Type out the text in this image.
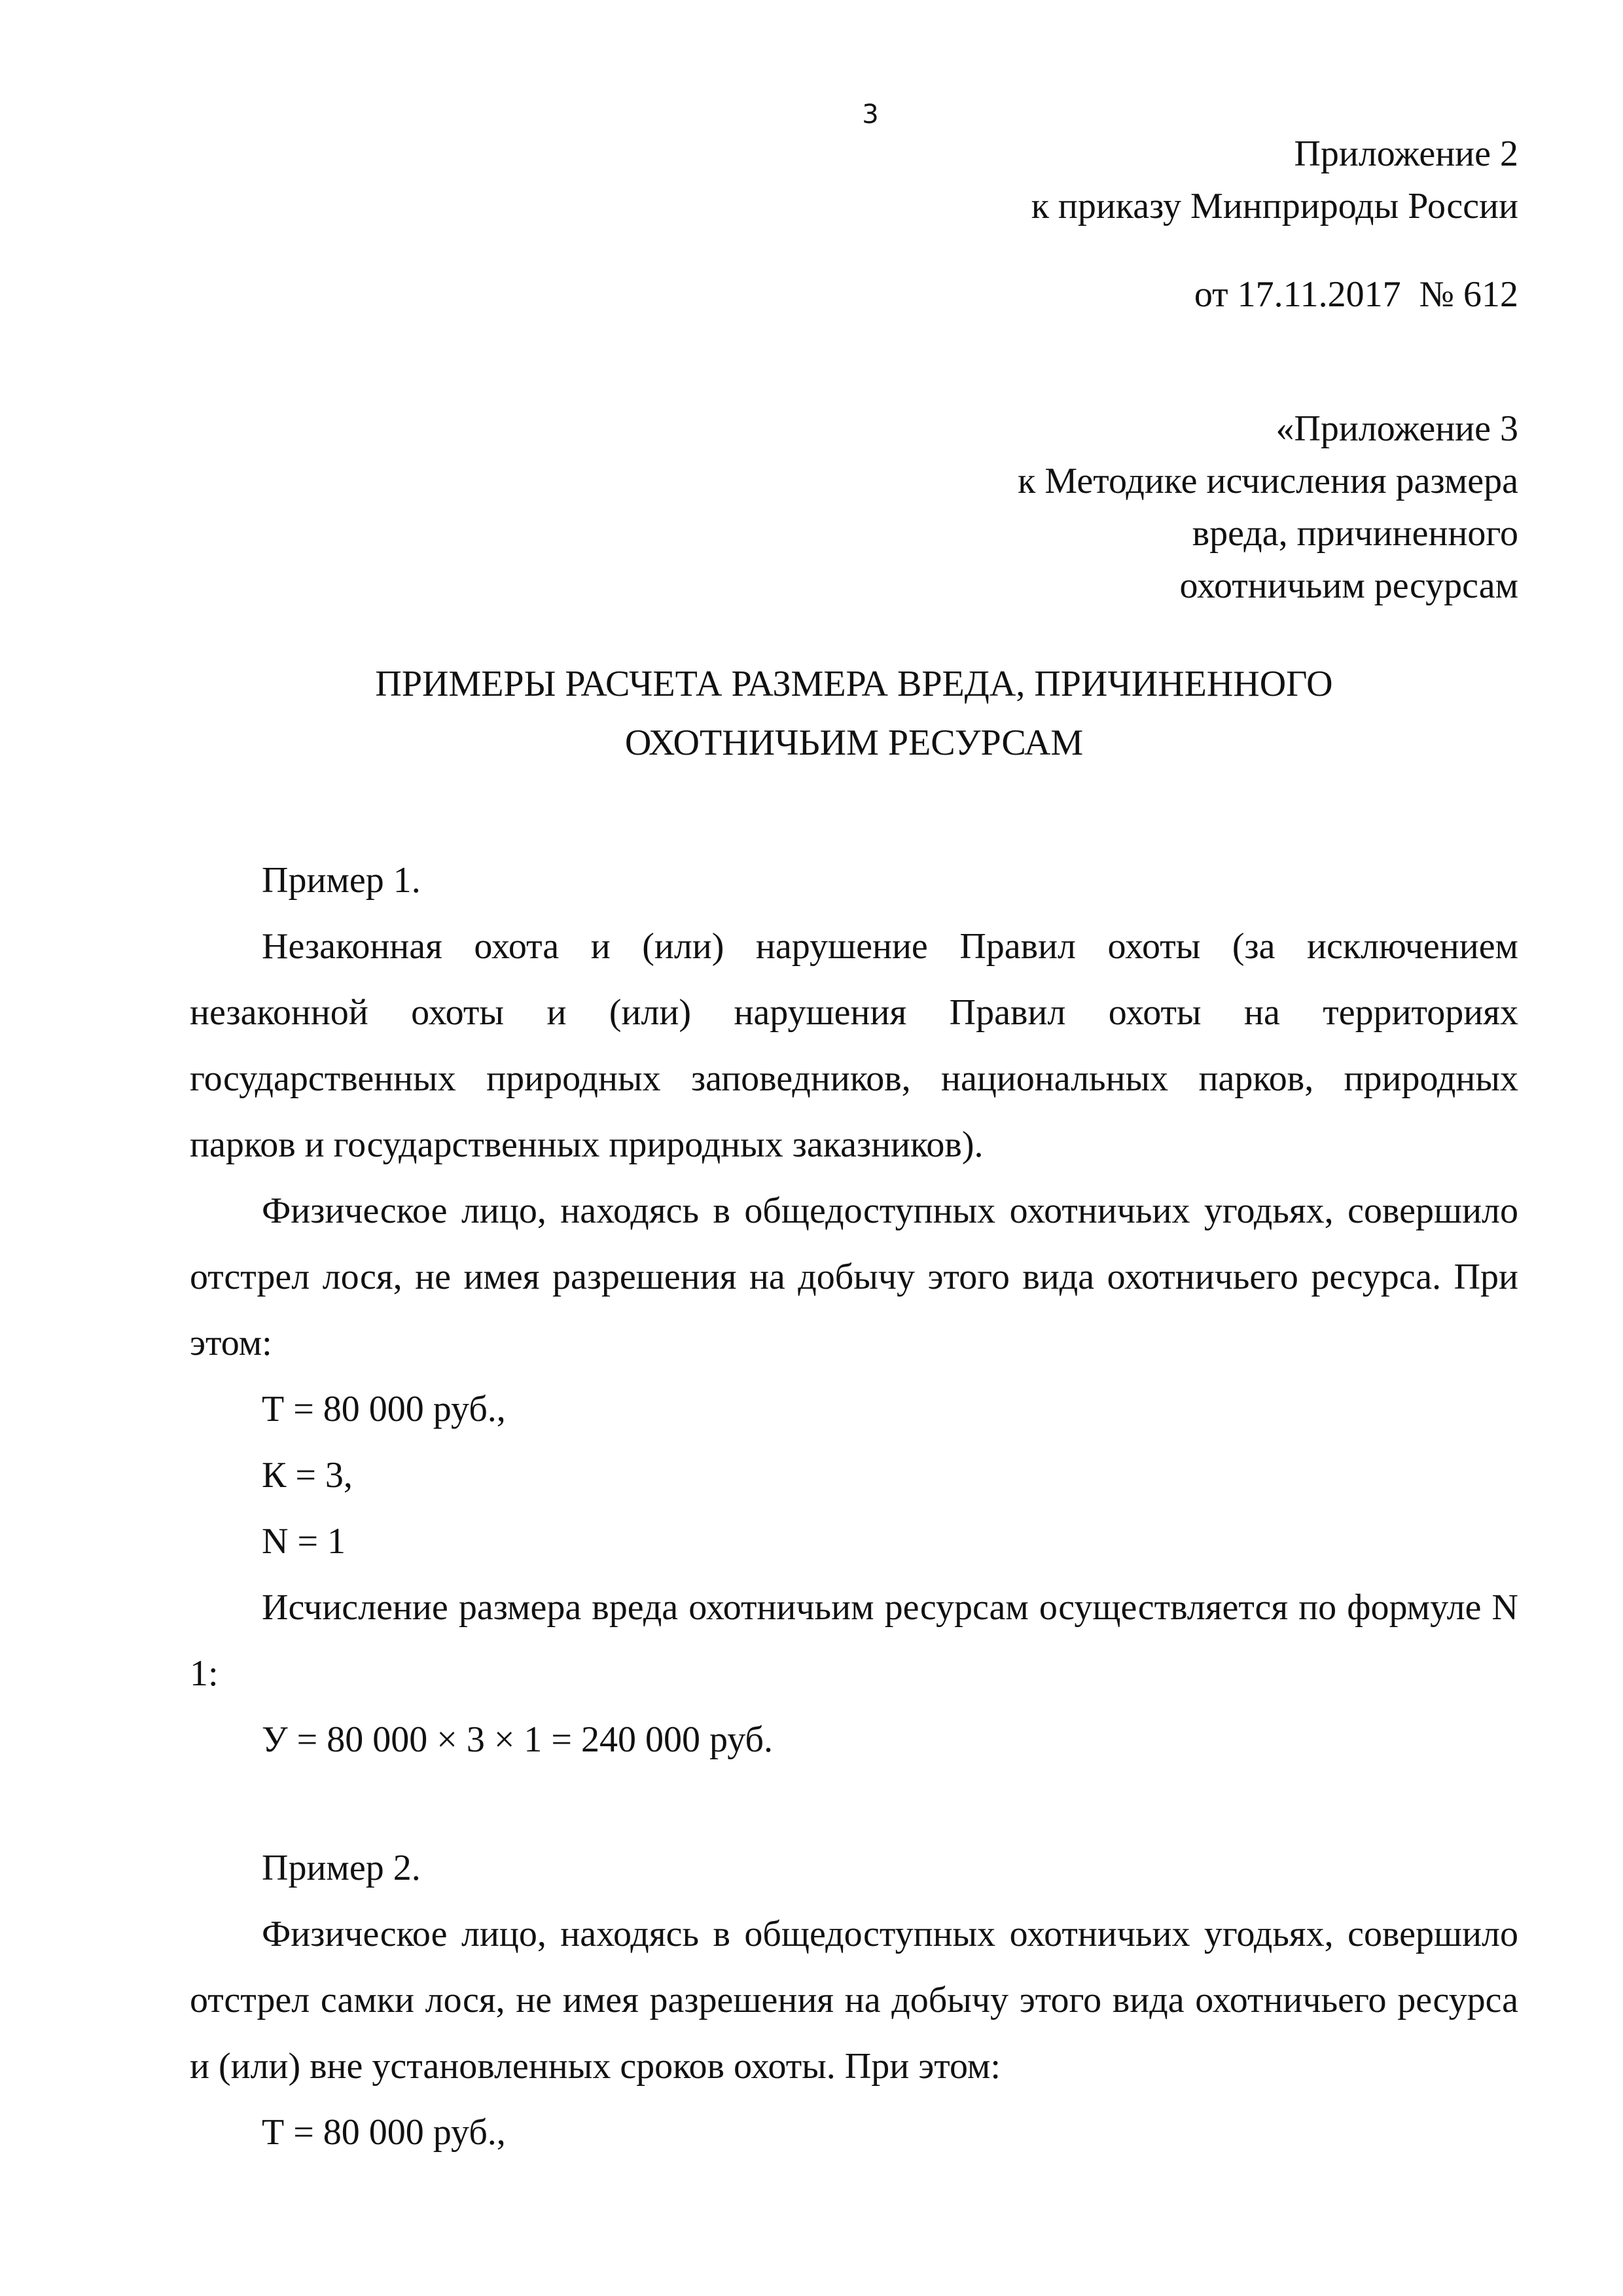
3
Приложение 2
к приказу Минприроды России
от 17.11.2017  № 612
«Приложение 3
к Методике исчисления размера
вреда, причиненного
охотничьим ресурсам
ПРИМЕРЫ РАСЧЕТА РАЗМЕРА ВРЕДА, ПРИЧИНЕННОГО
ОХОТНИЧЬИМ РЕСУРСАМ

Пример 1.

Незаконная охота и (или) нарушение Правил охоты (за исключением незаконной охоты и (или) нарушения Правил охоты на территориях государственных природных заповедников, национальных парков, природных парков и государственных природных заказников).

Физическое лицо, находясь в общедоступных охотничьих угодьях, совершило отстрел лося, не имея разрешения на добычу этого вида охотничьего ресурса. При этом:

Т = 80 000 руб.,

К = 3,

N = 1

Исчисление размера вреда охотничьим ресурсам осуществляется по формуле N 1:

У = 80 000 × 3 × 1 = 240 000 руб.

Пример 2.

Физическое лицо, находясь в общедоступных охотничьих угодьях, совершило отстрел самки лося, не имея разрешения на добычу этого вида охотничьего ресурса и (или) вне установленных сроков охоты. При этом:

Т = 80 000 руб.,
